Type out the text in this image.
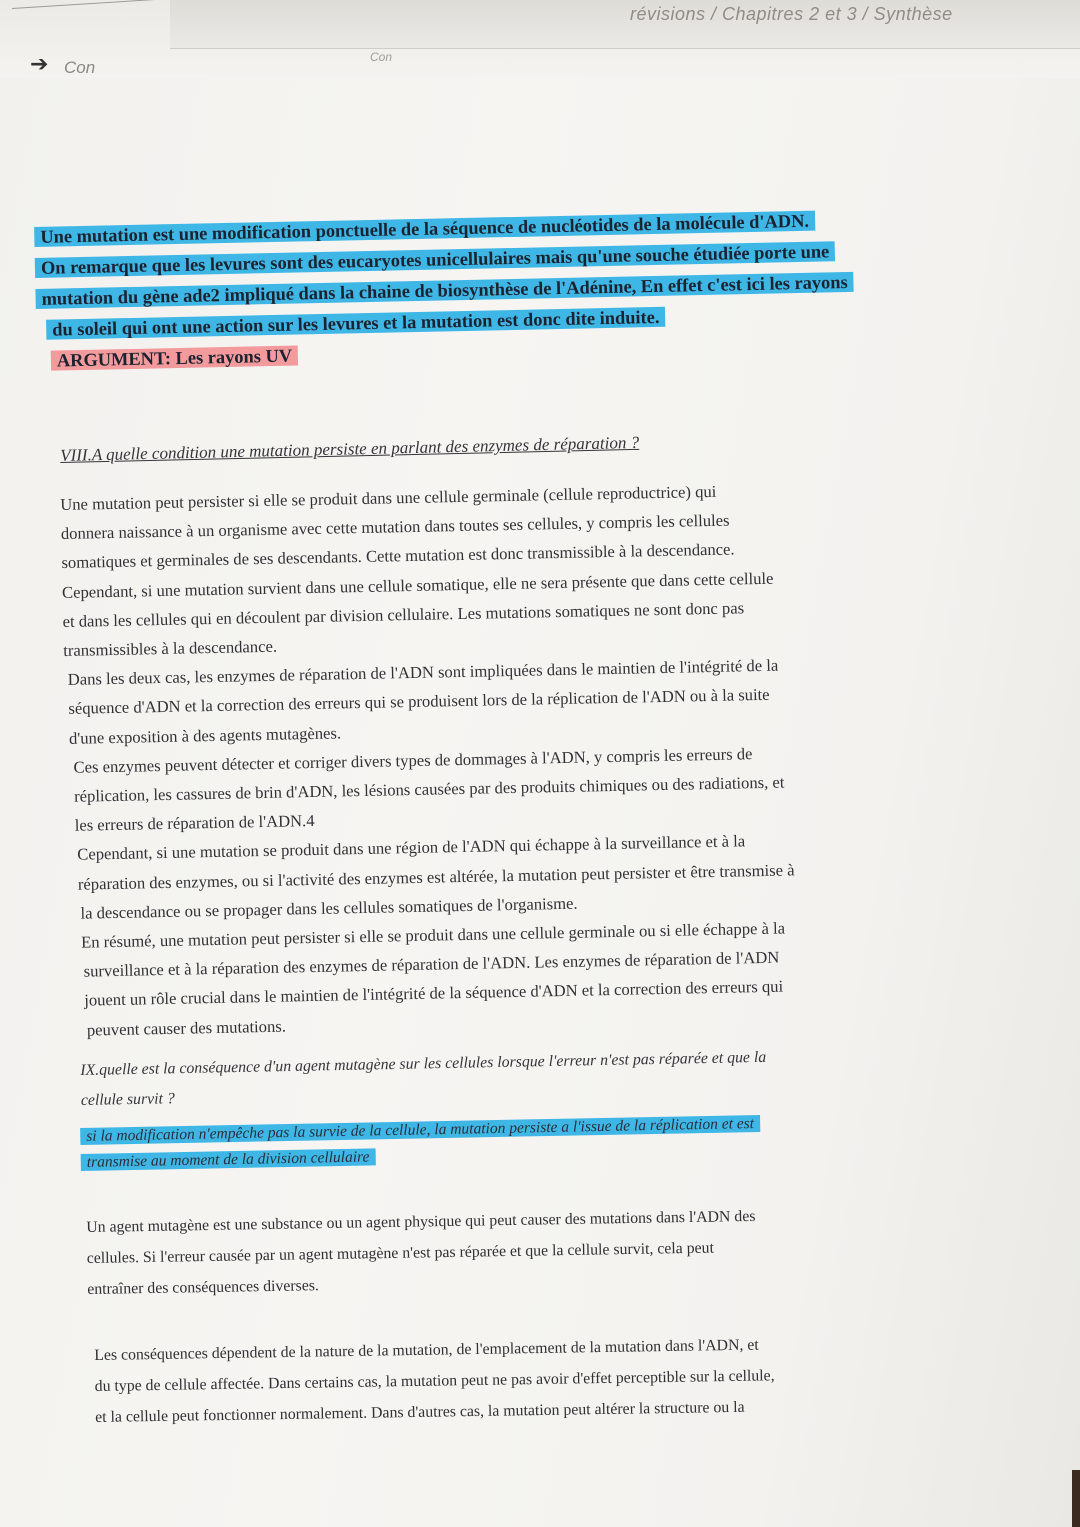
révisions / Chapitres 2 et 3 / Synthèse
➔ Con
Con
Une mutation est une modification ponctuelle de la séquence de nucléotides de la molécule d'ADN.
On remarque que les levures sont des eucaryotes unicellulaires mais qu'une souche étudiée porte une
mutation du gène ade2 impliqué dans la chaine de biosynthèse de l'Adénine, En effet c'est ici les rayons
du soleil qui ont une action sur les levures et la mutation est donc dite induite.
ARGUMENT: Les rayons UV
VIII.A quelle condition une mutation persiste en parlant des enzymes de réparation ?
Une mutation peut persister si elle se produit dans une cellule germinale (cellule reproductrice) qui
donnera naissance à un organisme avec cette mutation dans toutes ses cellules, y compris les cellules
somatiques et germinales de ses descendants. Cette mutation est donc transmissible à la descendance.
Cependant, si une mutation survient dans une cellule somatique, elle ne sera présente que dans cette cellule
et dans les cellules qui en découlent par division cellulaire. Les mutations somatiques ne sont donc pas
transmissibles à la descendance.
Dans les deux cas, les enzymes de réparation de l'ADN sont impliquées dans le maintien de l'intégrité de la
séquence d'ADN et la correction des erreurs qui se produisent lors de la réplication de l'ADN ou à la suite
d'une exposition à des agents mutagènes.
Ces enzymes peuvent détecter et corriger divers types de dommages à l'ADN, y compris les erreurs de
réplication, les cassures de brin d'ADN, les lésions causées par des produits chimiques ou des radiations, et
les erreurs de réparation de l'ADN.4
Cependant, si une mutation se produit dans une région de l'ADN qui échappe à la surveillance et à la
réparation des enzymes, ou si l'activité des enzymes est altérée, la mutation peut persister et être transmise à
la descendance ou se propager dans les cellules somatiques de l'organisme.
En résumé, une mutation peut persister si elle se produit dans une cellule germinale ou si elle échappe à la
surveillance et à la réparation des enzymes de réparation de l'ADN. Les enzymes de réparation de l'ADN
jouent un rôle crucial dans le maintien de l'intégrité de la séquence d'ADN et la correction des erreurs qui
peuvent causer des mutations.
IX.quelle est la conséquence d'un agent mutagène sur les cellules lorsque l'erreur n'est pas réparée et que la
cellule survit ?
si la modification n'empêche pas la survie de la cellule, la mutation persiste a l'issue de la réplication et est
transmise au moment de la division cellulaire
Un agent mutagène est une substance ou un agent physique qui peut causer des mutations dans l'ADN des
cellules. Si l'erreur causée par un agent mutagène n'est pas réparée et que la cellule survit, cela peut
entraîner des conséquences diverses.
Les conséquences dépendent de la nature de la mutation, de l'emplacement de la mutation dans l'ADN, et
du type de cellule affectée. Dans certains cas, la mutation peut ne pas avoir d'effet perceptible sur la cellule,
et la cellule peut fonctionner normalement. Dans d'autres cas, la mutation peut altérer la structure ou la
